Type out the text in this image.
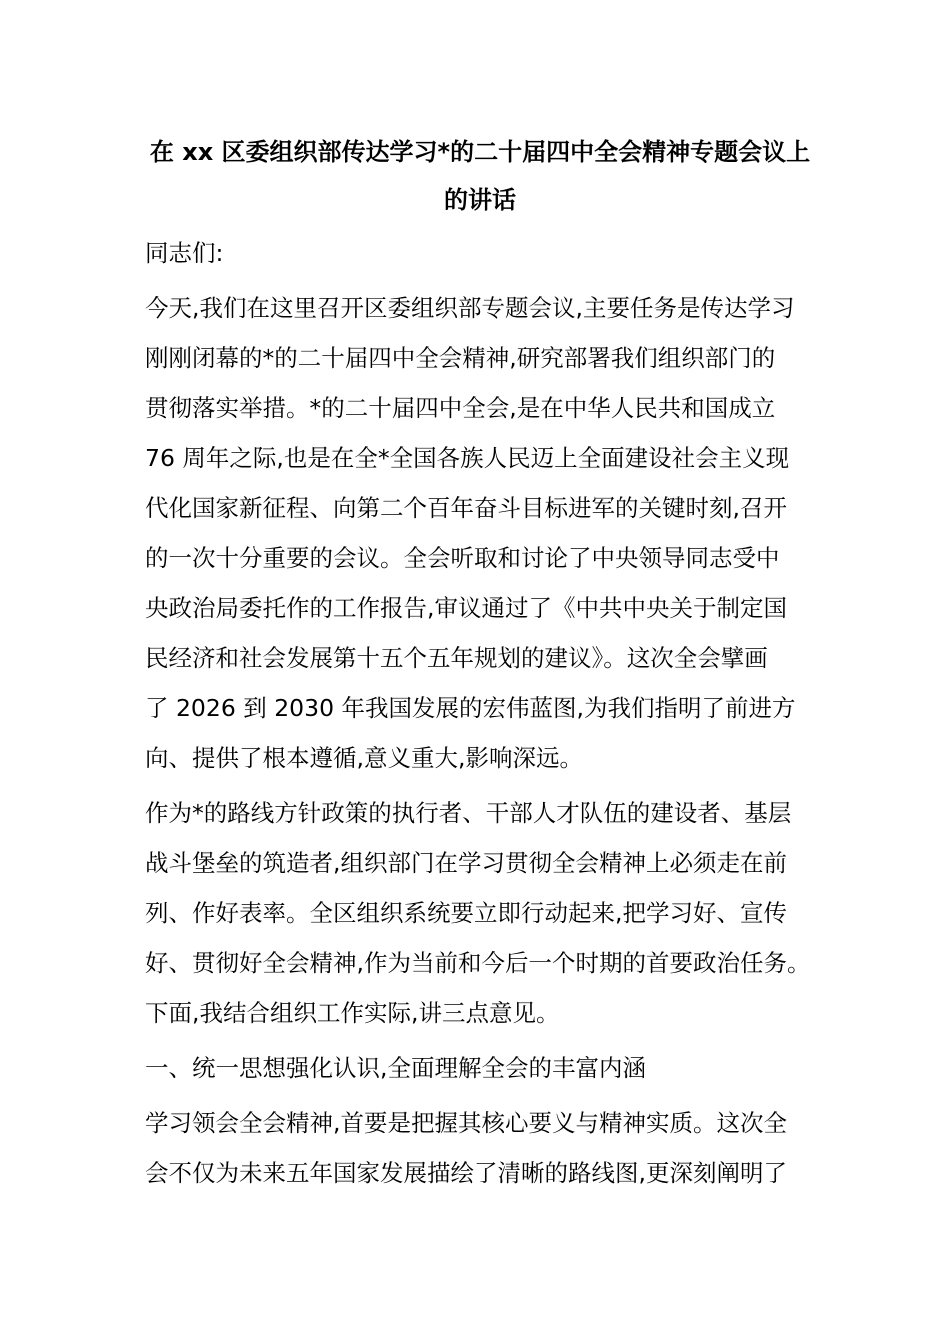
在 xx 区委组织部传达学习*的二十届四中全会精神专题会议上
的讲话

同志们:

今天,我们在这里召开区委组织部专题会议,主要任务是传达学习
刚刚闭幕的*的二十届四中全会精神,研究部署我们组织部门的
贯彻落实举措。*的二十届四中全会,是在中华人民共和国成立
76 周年之际,也是在全*全国各族人民迈上全面建设社会主义现
代化国家新征程、向第二个百年奋斗目标进军的关键时刻,召开
的一次十分重要的会议。全会听取和讨论了中央领导同志受中
央政治局委托作的工作报告,审议通过了《中共中央关于制定国
民经济和社会发展第十五个五年规划的建议》。这次全会擘画
了 2026 到 2030 年我国发展的宏伟蓝图,为我们指明了前进方
向、提供了根本遵循,意义重大,影响深远。

作为*的路线方针政策的执行者、干部人才队伍的建设者、基层
战斗堡垒的筑造者,组织部门在学习贯彻全会精神上必须走在前
列、作好表率。全区组织系统要立即行动起来,把学习好、宣传
好、贯彻好全会精神,作为当前和今后一个时期的首要政治任务。
下面,我结合组织工作实际,讲三点意见。

一、统一思想强化认识,全面理解全会的丰富内涵

学习领会全会精神,首要是把握其核心要义与精神实质。这次全
会不仅为未来五年国家发展描绘了清晰的路线图,更深刻阐明了
